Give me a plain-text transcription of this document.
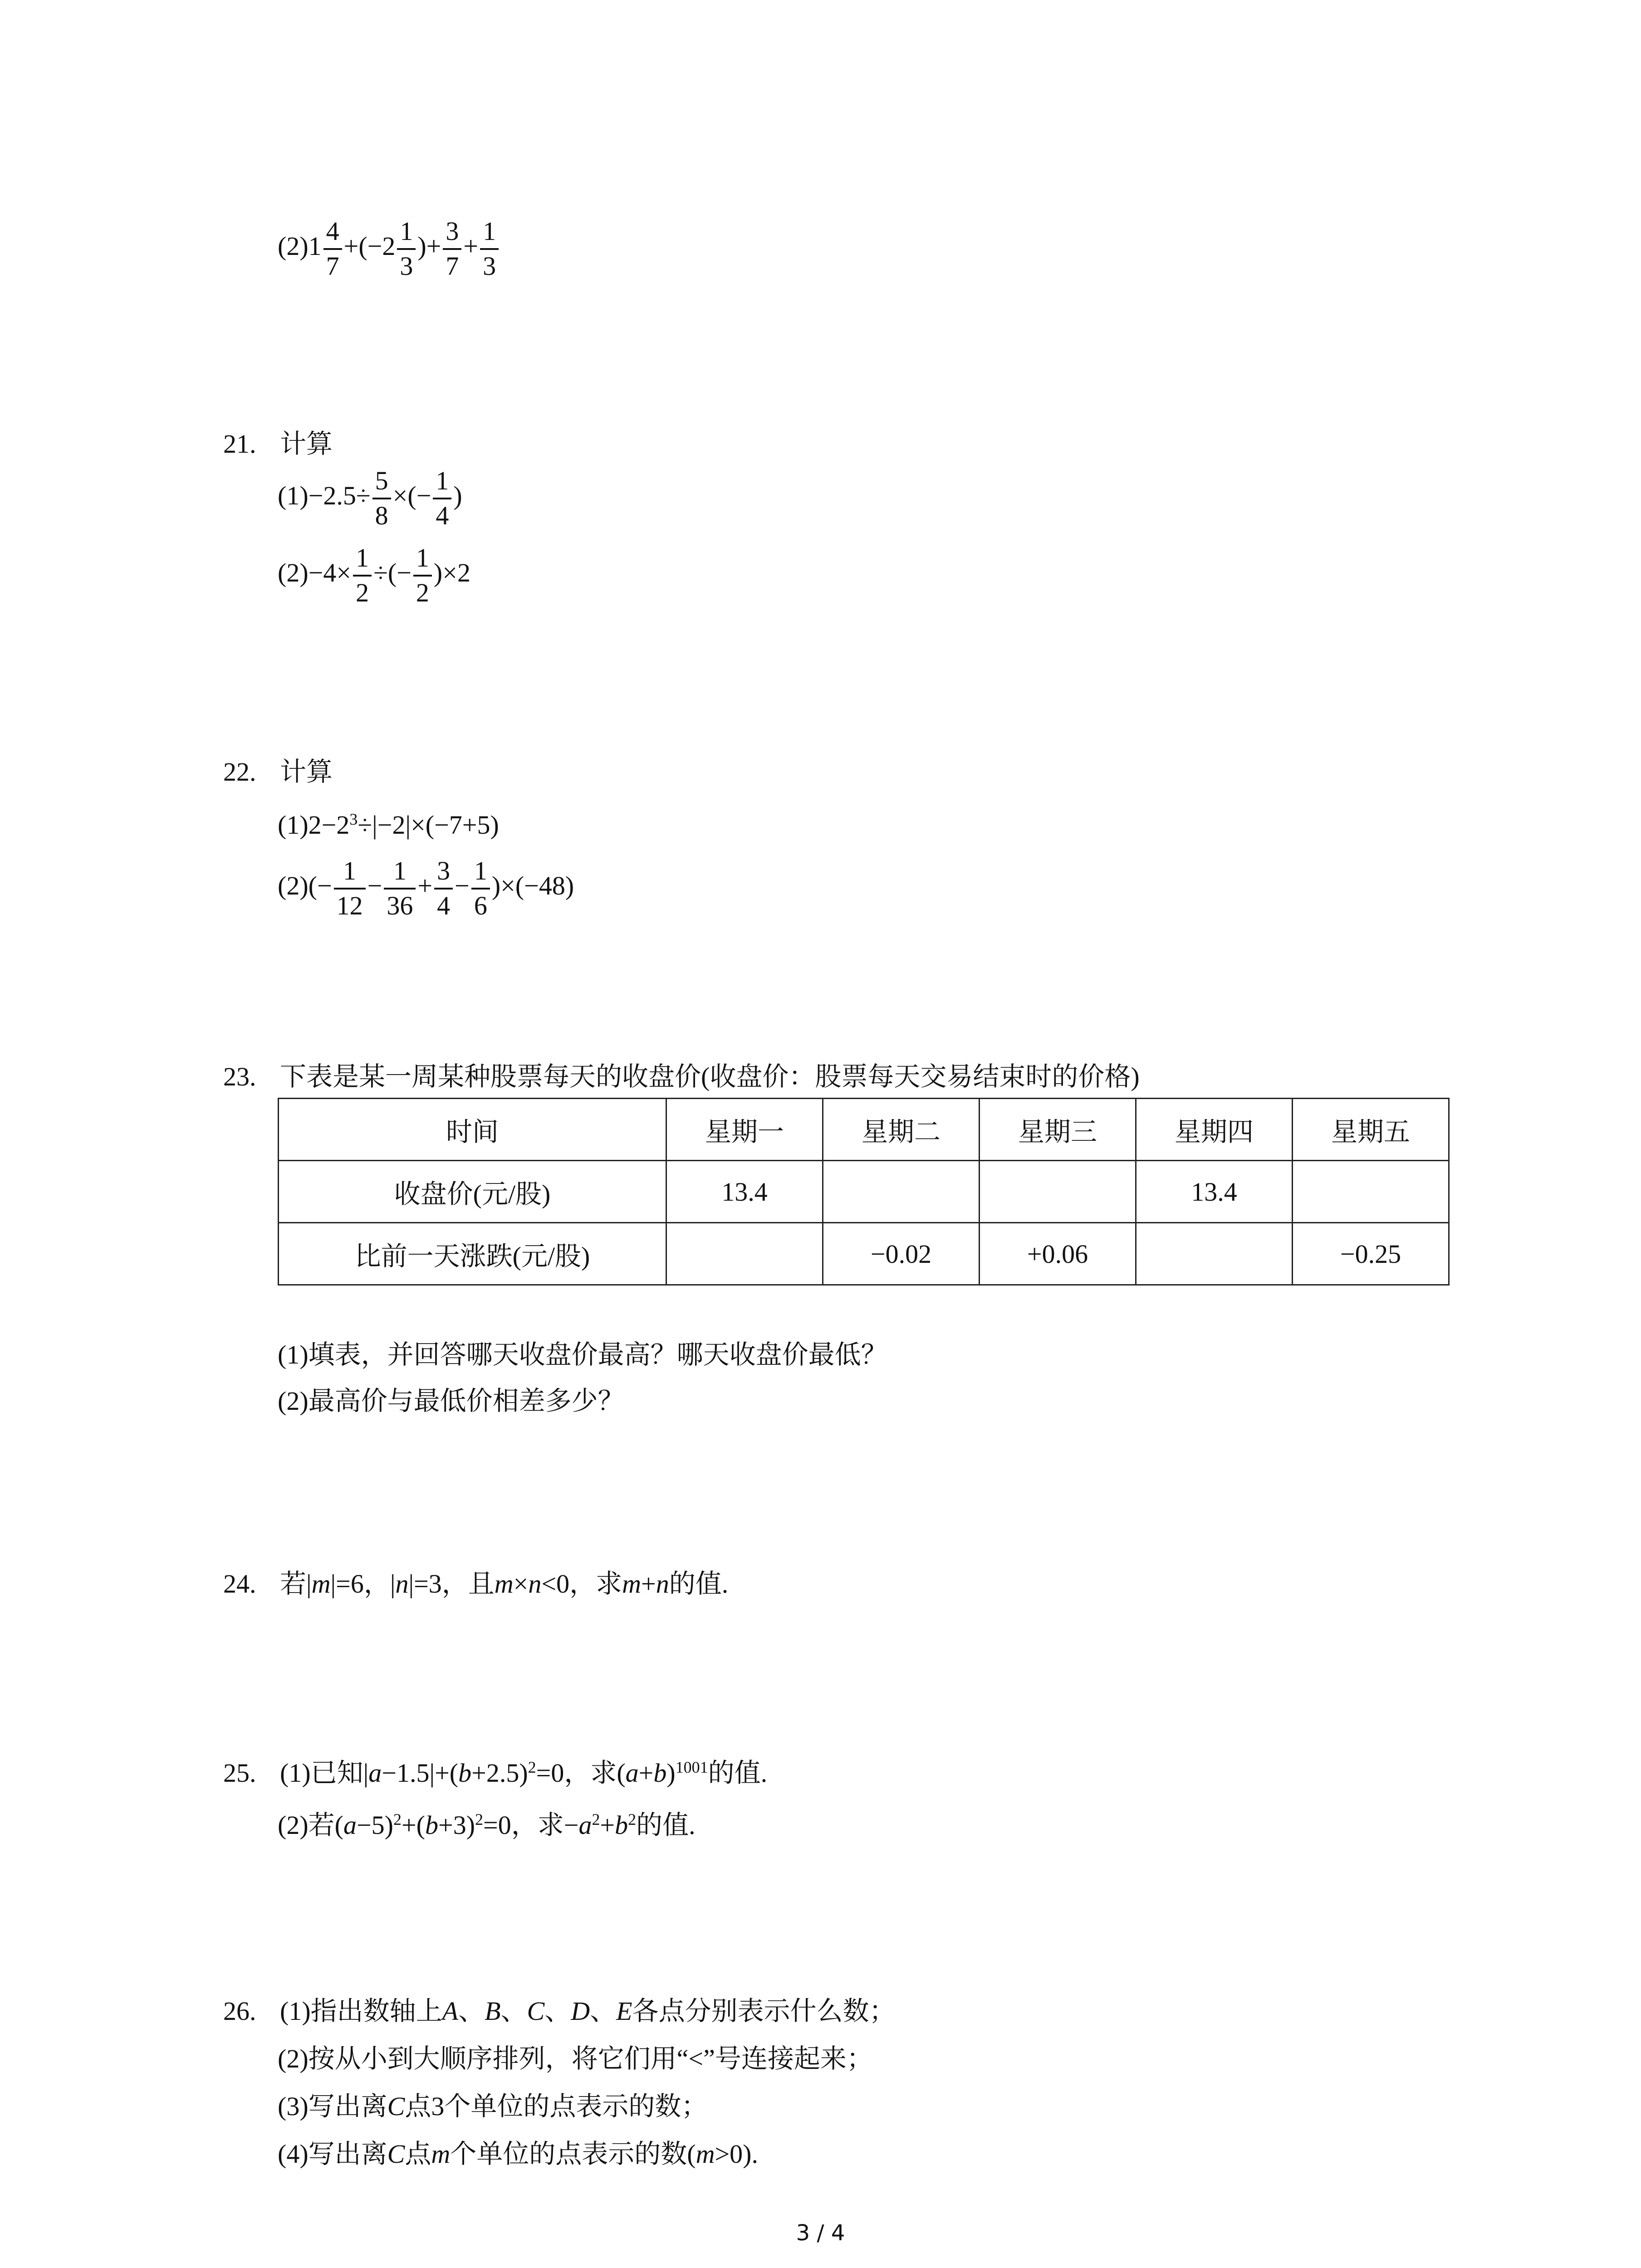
$(2)1 \frac{4}{7} +(-2 \frac{1}{3}$ )+ $\frac{3}{7} + \frac{1}{3}$
21. 计算
$(1)-2.5\div \frac{5}{8}$ ×(− $\frac{1}{4}$ )
$(2)-4\times \frac{1}{2}$ ÷(− $\frac{1}{2} )\times 2$
22. 计算
$(1)2-2^3\div|-2|\times(-7+5)$
$(2)(- \frac{1}{12} - \frac{1}{36} + \frac{3}{4} - \frac{1}{6} )\times(-48)$
23. 下表是某一周某种股票每天的收盘价(收盘价：股票每天交易结束时的价格)
时间	星期一	星期二	星期三	星期四	星期五
收盘价(元/股)	13.4			13.4	
比前一天涨跌(元/股)		−0.02	+0.06		−0.25
(1)填表，并回答哪天收盘价最高？哪天收盘价最低？
(2)最高价与最低价相差多少？
24. 若|m|=6，|n|=3，且m×n<0，求m+n的值.
25. (1)已知$|a-1.5|+(b+2.5)^2=0$，求$(a+b)^{1001}$的值.
(2)若$(a-5)^2+(b+3)^2=0$，求$-a^2+b^2$的值.
26. (1)指出数轴上A、B、C、D、E各点分别表示什么数；
(2)按从小到大顺序排列，将它们用“<”号连接起来；
(3)写出离C点3个单位的点表示的数；
(4)写出离C点m个单位的点表示的数(m>0).
3 / 4
